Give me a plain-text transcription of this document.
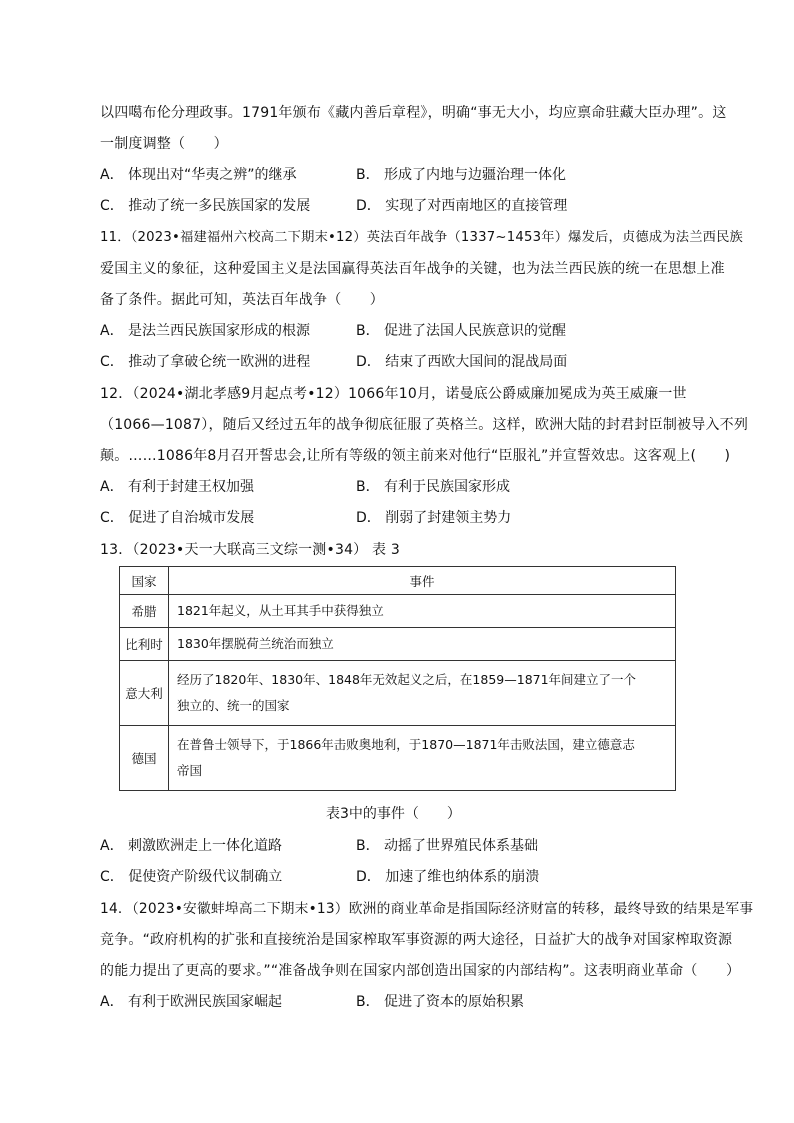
以四噶布伦分理政事。1791年颁布《藏内善后章程》，明确“事无大小，均应禀命驻藏大臣办理”。这
一制度调整（　　）
A． 体现出对“华夷之辨”的继承	B． 形成了内地与边疆治理一体化
C． 推动了统一多民族国家的发展	D． 实现了对西南地区的直接管理
11．（2023•福建福州六校高二下期末•12）英法百年战争（1337~1453年）爆发后，贞德成为法兰西民族
爱国主义的象征，这种爱国主义是法国赢得英法百年战争的关键，也为法兰西民族的统一在思想上准
备了条件。据此可知，英法百年战争（　　）
A． 是法兰西民族国家形成的根源	B． 促进了法国人民族意识的觉醒
C． 推动了拿破仑统一欧洲的进程	D． 结束了西欧大国间的混战局面
12．（2024•湖北孝感9月起点考•12）1066年10月，诺曼底公爵威廉加冕成为英王威廉一世
（1066—1087），随后又经过五年的战争彻底征服了英格兰。这样，欧洲大陆的封君封臣制被导入不列
颠。……1086年8月召开誓忠会,让所有等级的领主前来对他行“臣服礼”并宣誓效忠。这客观上(　　)
A． 有利于封建王权加强	B． 有利于民族国家形成
C． 促进了自治城市发展	D． 削弱了封建领主势力
13．（2023•天一大联高三文综一测•34） 表 3
国家	事件
希腊	1821年起义，从土耳其手中获得独立

比利时	1830年摆脱荷兰统治而独立

意大利	经历了1820年、1830年、1848年无效起义之后，在1859—1871年间建立了一个
独立的、统一的国家

德国	在普鲁士领导下，于1866年击败奥地利，于1870—1871年击败法国，建立德意志
帝国
表3中的事件（　　）
A． 刺激欧洲走上一体化道路	B． 动摇了世界殖民体系基础
C． 促使资产阶级代议制确立	D． 加速了维也纳体系的崩溃
14．（2023•安徽蚌埠高二下期末•13）欧洲的商业革命是指国际经济财富的转移，最终导致的结果是军事
竞争。“政府机构的扩张和直接统治是国家榨取军事资源的两大途径，日益扩大的战争对国家榨取资源
的能力提出了更高的要求。”“准备战争则在国家内部创造出国家的内部结构”。这表明商业革命（　　）
A． 有利于欧洲民族国家崛起	B． 促进了资本的原始积累
